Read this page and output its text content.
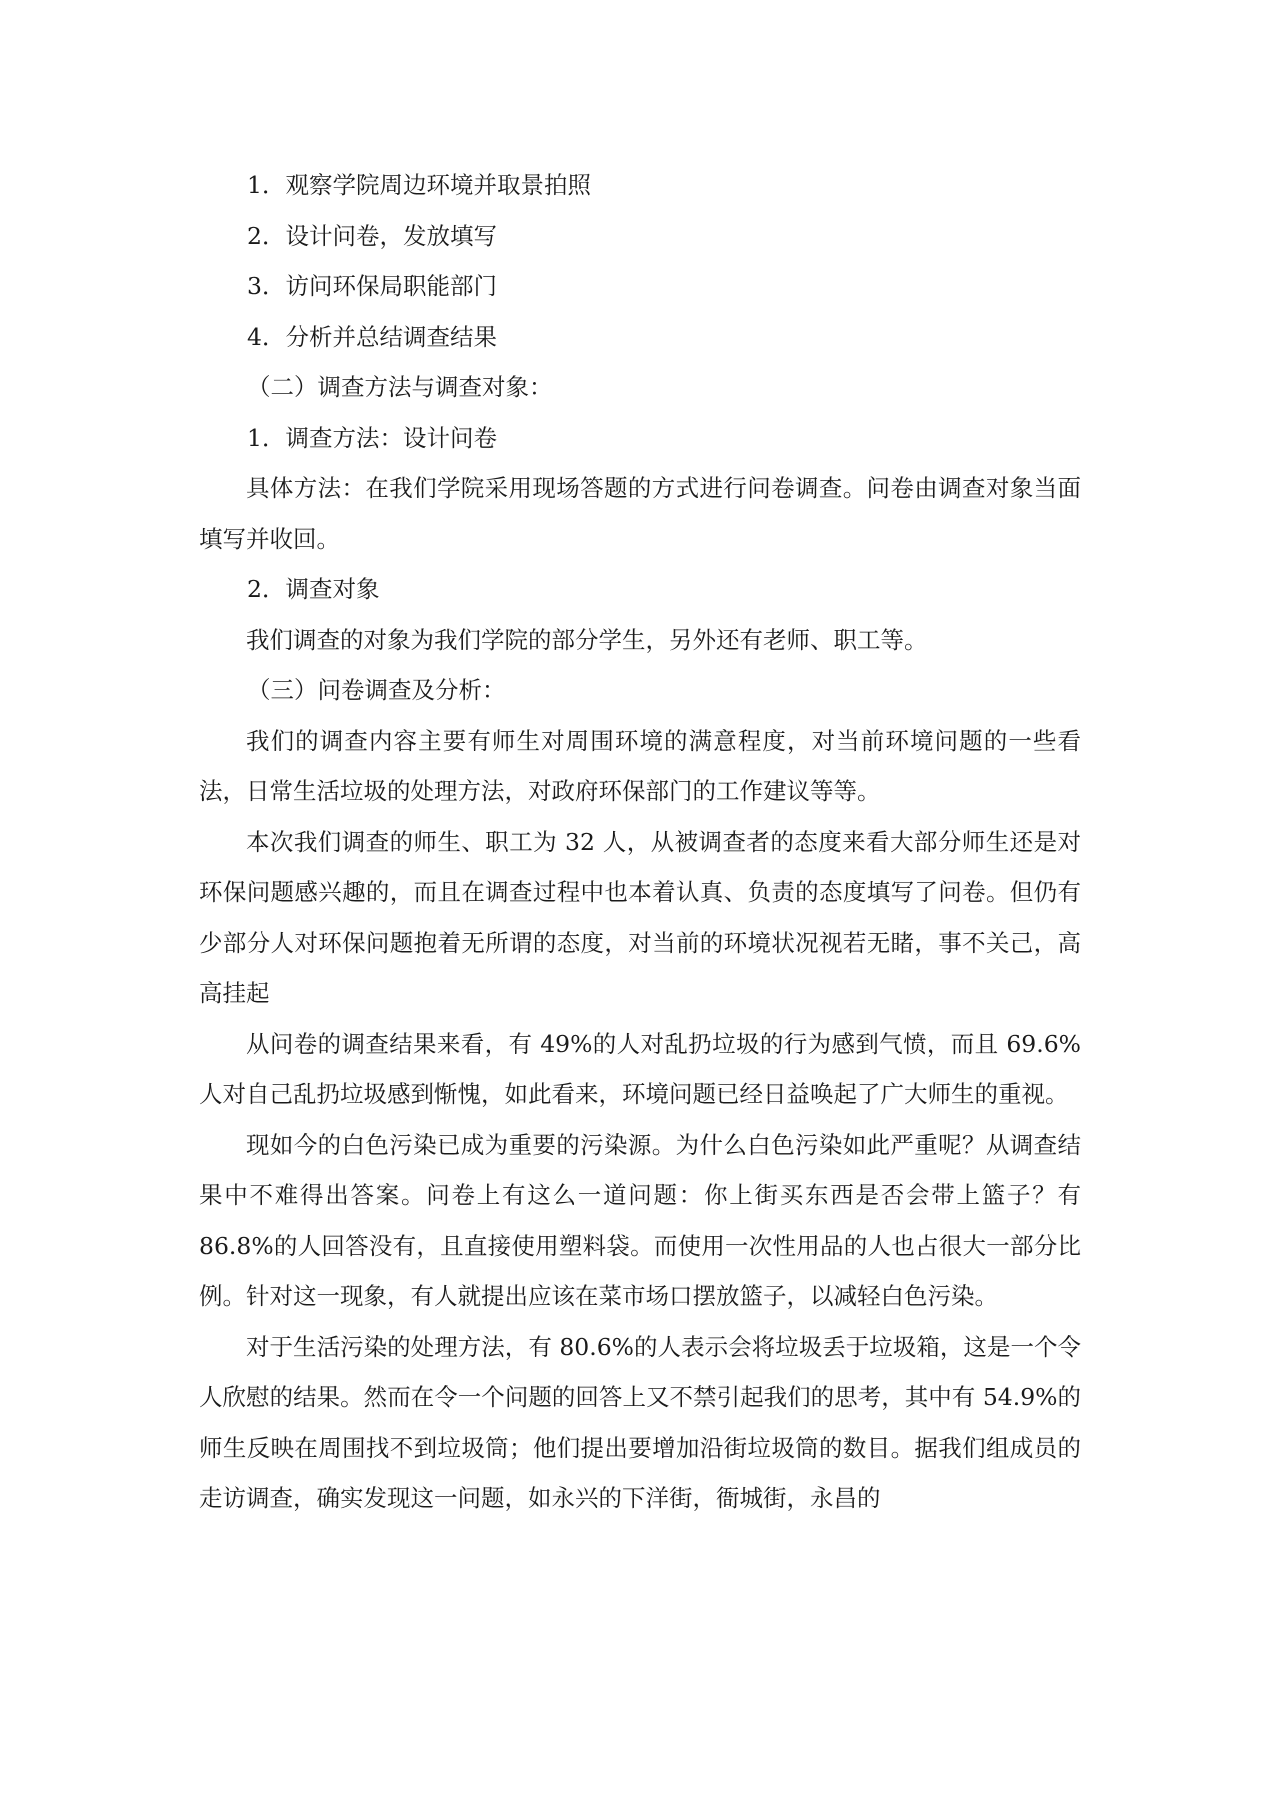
1．观察学院周边环境并取景拍照

2．设计问卷，发放填写

3．访问环保局职能部门

4．分析并总结调查结果

（二）调查方法与调查对象：

1．调查方法：设计问卷

具体方法：在我们学院采用现场答题的方式进行问卷调查。问卷由调查对象当面填写并收回。

2．调查对象

我们调查的对象为我们学院的部分学生，另外还有老师、职工等。

（三）问卷调查及分析：

我们的调查内容主要有师生对周围环境的满意程度，对当前环境问题的一些看法，日常生活垃圾的处理方法，对政府环保部门的工作建议等等。

本次我们调查的师生、职工为 32 人，从被调查者的态度来看大部分师生还是对环保问题感兴趣的，而且在调查过程中也本着认真、负责的态度填写了问卷。但仍有少部分人对环保问题抱着无所谓的态度，对当前的环境状况视若无睹，事不关己，高高挂起

从问卷的调查结果来看，有 49%的人对乱扔垃圾的行为感到气愤，而且 69.6%人对自己乱扔垃圾感到惭愧，如此看来，环境问题已经日益唤起了广大师生的重视。

现如今的白色污染已成为重要的污染源。为什么白色污染如此严重呢？从调查结果中不难得出答案。问卷上有这么一道问题：你上街买东西是否会带上篮子？有 86.8%的人回答没有，且直接使用塑料袋。而使用一次性用品的人也占很大一部分比例。针对这一现象，有人就提出应该在菜市场口摆放篮子，以减轻白色污染。

对于生活污染的处理方法，有 80.6%的人表示会将垃圾丢于垃圾箱，这是一个令人欣慰的结果。然而在令一个问题的回答上又不禁引起我们的思考，其中有 54.9%的师生反映在周围找不到垃圾筒；他们提出要增加沿街垃圾筒的数目。据我们组成员的走访调查，确实发现这一问题，如永兴的下洋街，衙城街，永昌的
